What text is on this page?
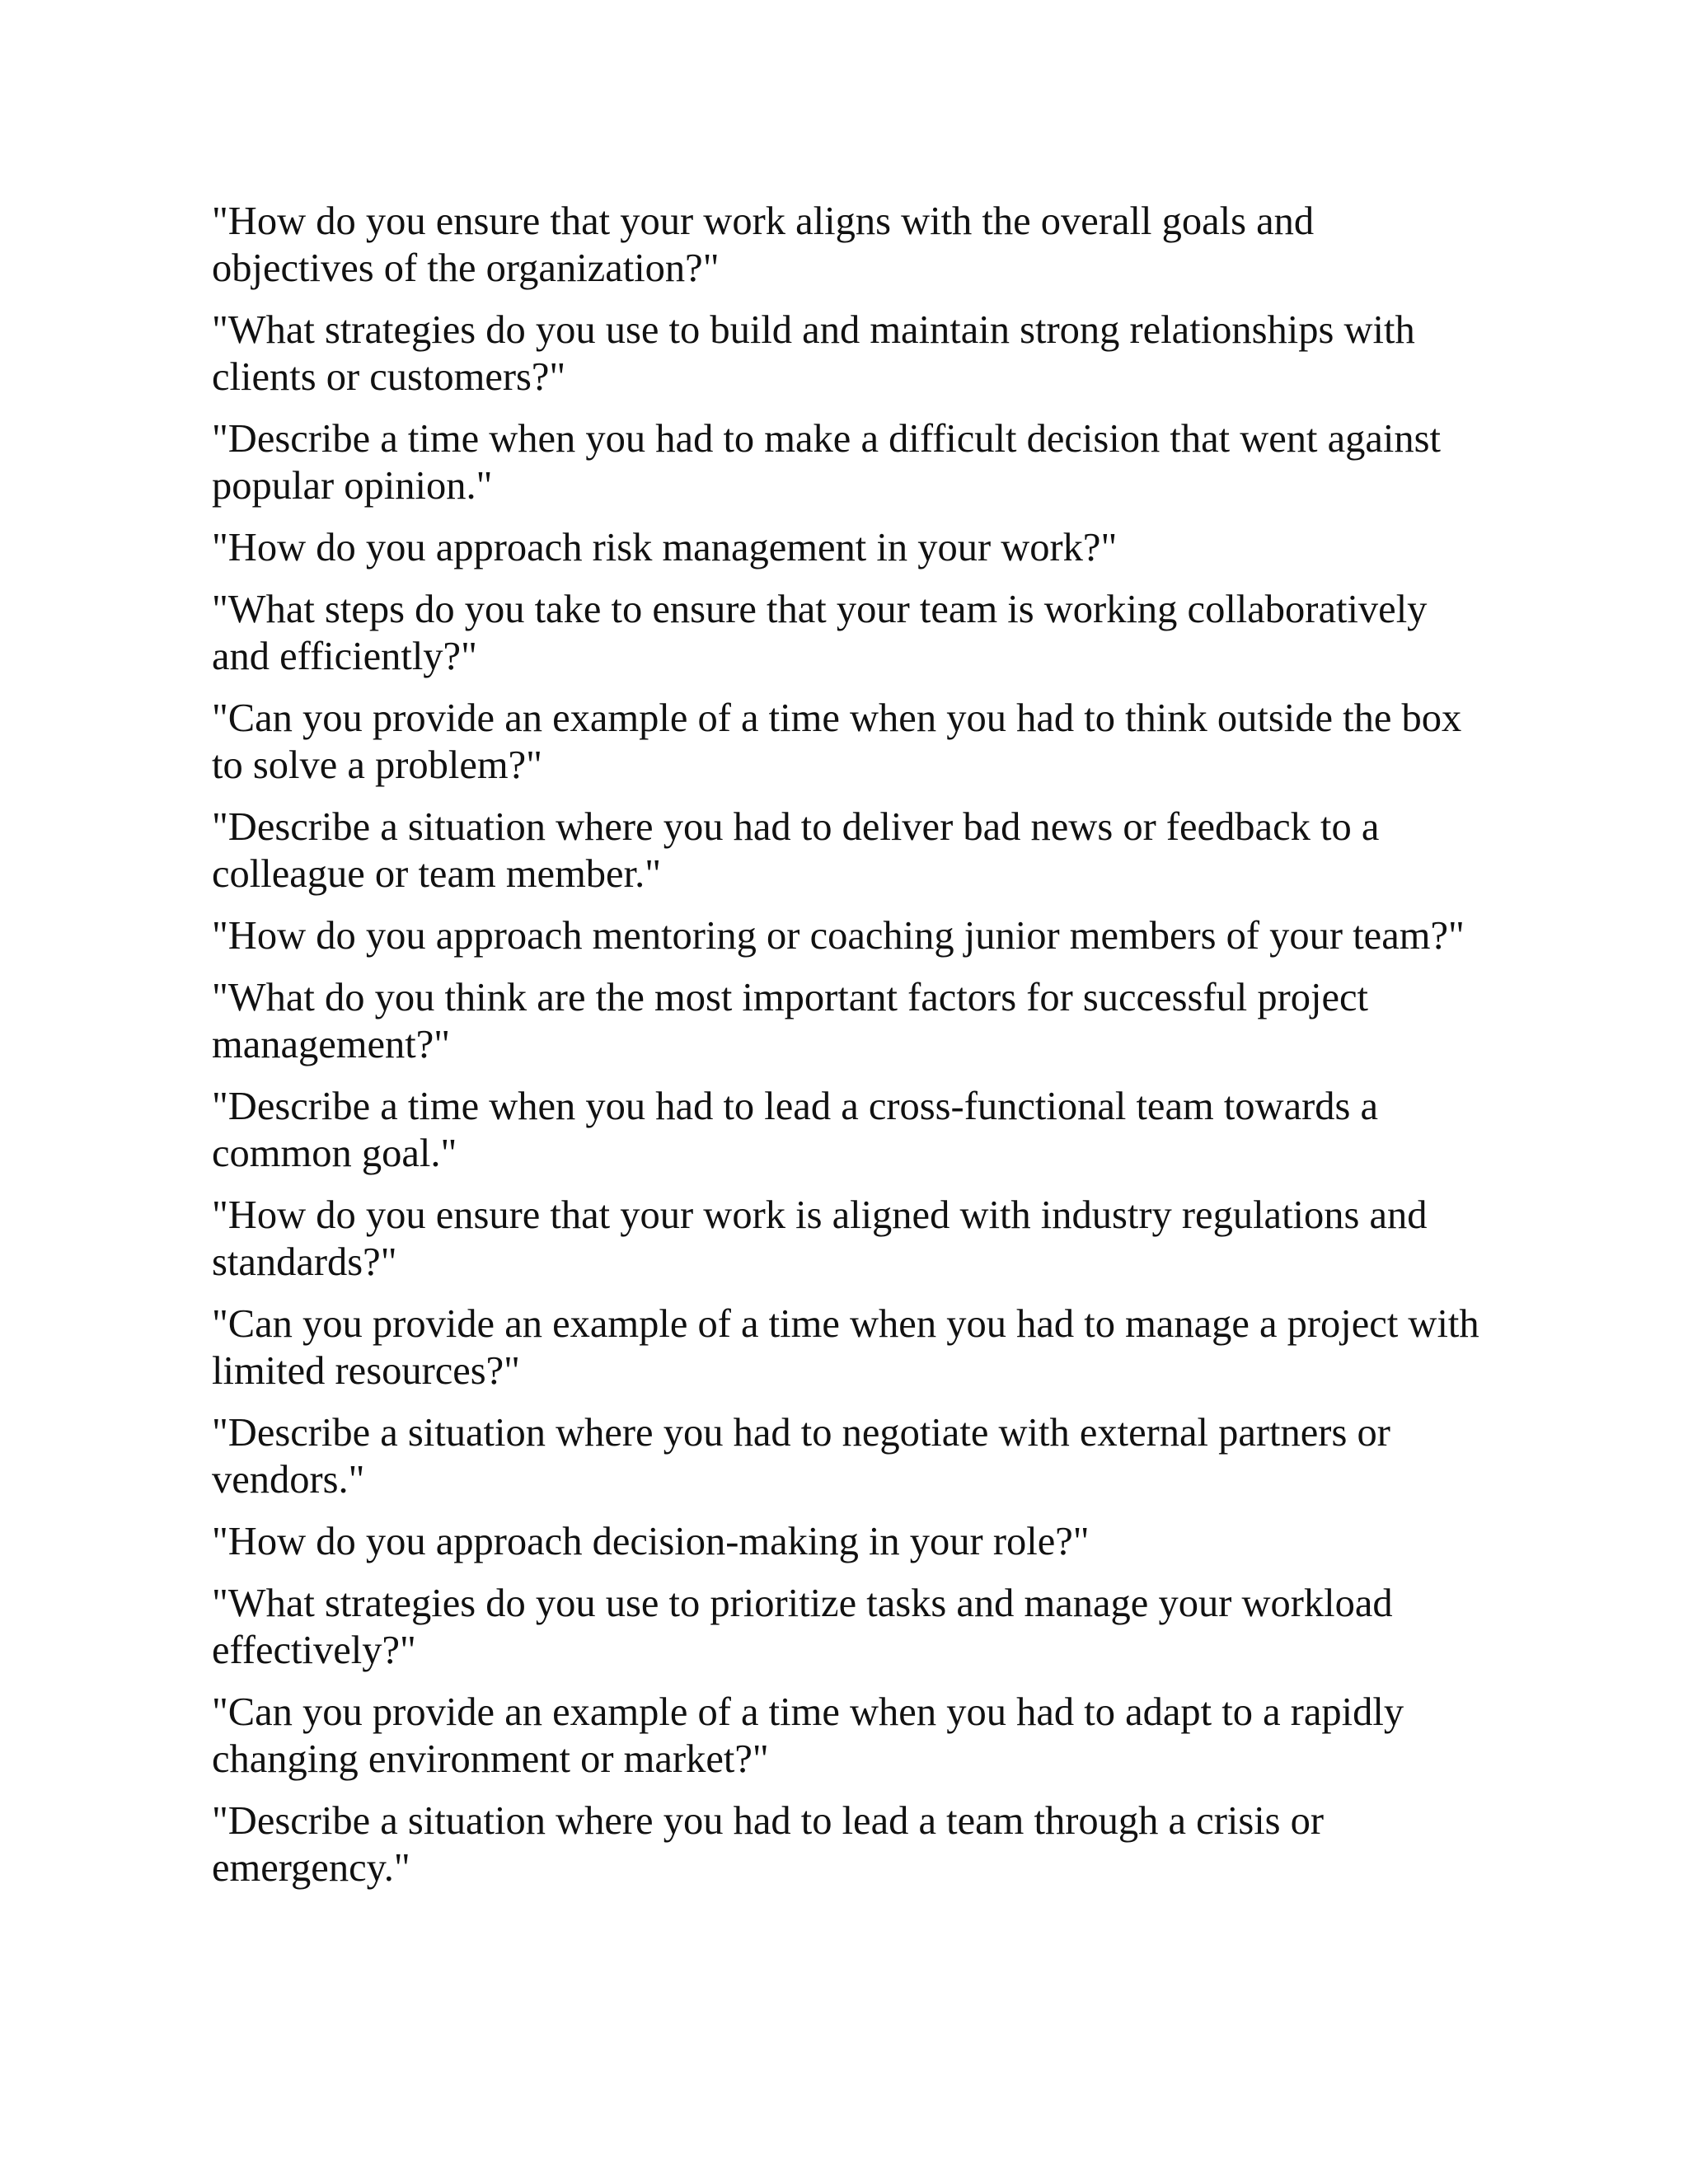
"How do you ensure that your work aligns with the overall goals and objectives of the organization?"
"What strategies do you use to build and maintain strong relationships with clients or customers?"
"Describe a time when you had to make a difficult decision that went against popular opinion."
"How do you approach risk management in your work?"
"What steps do you take to ensure that your team is working collaboratively and efficiently?"
"Can you provide an example of a time when you had to think outside the box to solve a problem?"
"Describe a situation where you had to deliver bad news or feedback to a colleague or team member."
"How do you approach mentoring or coaching junior members of your team?"
"What do you think are the most important factors for successful project management?"
"Describe a time when you had to lead a cross-functional team towards a common goal."
"How do you ensure that your work is aligned with industry regulations and standards?"
"Can you provide an example of a time when you had to manage a project with limited resources?"
"Describe a situation where you had to negotiate with external partners or vendors."
"How do you approach decision-making in your role?"
"What strategies do you use to prioritize tasks and manage your workload effectively?"
"Can you provide an example of a time when you had to adapt to a rapidly changing environment or market?"
"Describe a situation where you had to lead a team through a crisis or emergency."
